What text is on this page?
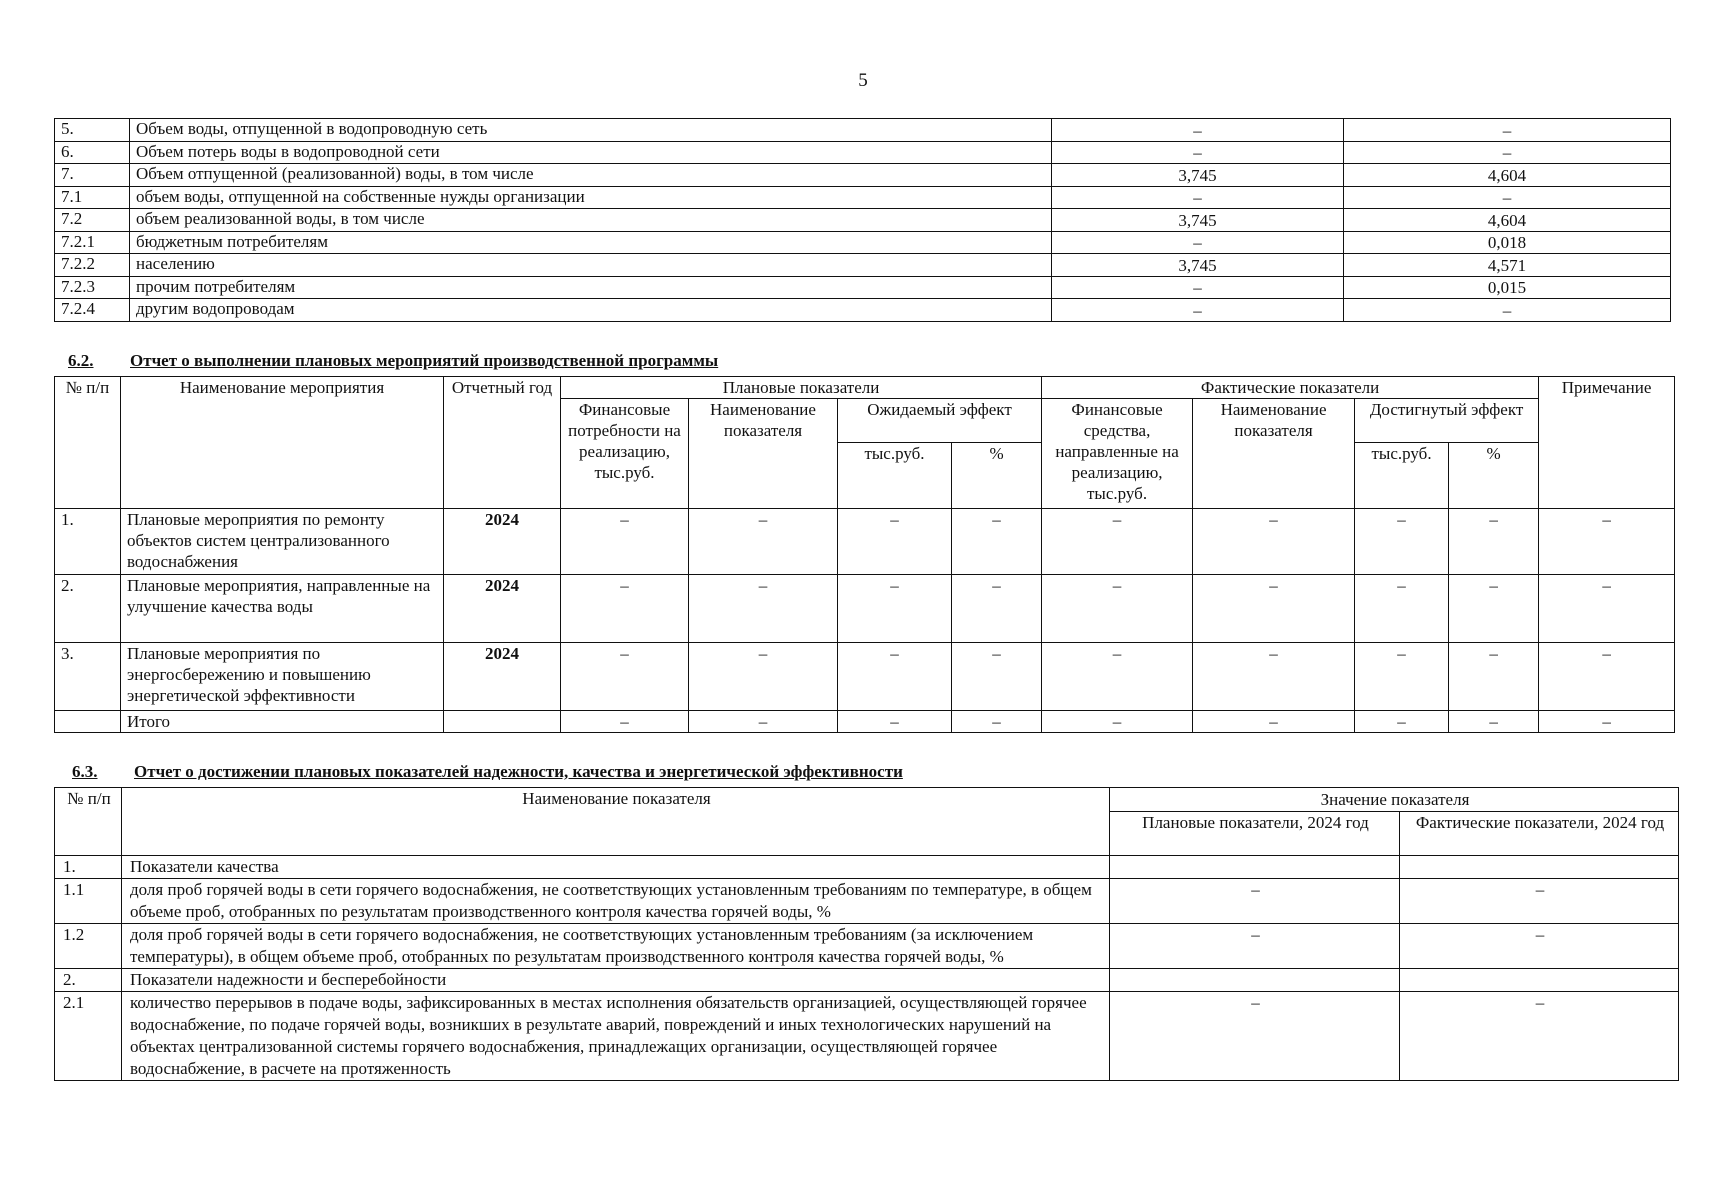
5
5.	Объем воды, отпущенной в водопроводную сеть	–	–
6.	Объем потерь воды в водопроводной сети	–	–
7.	Объем отпущенной (реализованной) воды, в том числе	3,745	4,604
7.1	объем воды, отпущенной на собственные нужды организации	–	–
7.2	объем реализованной воды, в том числе	3,745	4,604
7.2.1	бюджетным потребителям	–	0,018
7.2.2	населению	3,745	4,571
7.2.3	прочим потребителям	–	0,015
7.2.4	другим водопроводам	–	–
6.2. Отчет о выполнении плановых мероприятий производственной программы
№ п/п	Наименование мероприятия	Отчетный год	Плановые показатели				Фактические показатели				Примечание
			Финансовые потребности на реализацию, тыс.руб.	Наименование показателя	Ожидаемый эффект		Финансовые средства, направленные на реализацию, тыс.руб.	Наименование показателя	Достигнутый эффект		
					тыс.руб.	%			тыс.руб.	%	
1.	Плановые мероприятия по ремонту объектов систем централизованного водоснабжения	2024	–	–	–	–	–	–	–	–	–
2.	Плановые мероприятия, направленные на улучшение качества воды	2024	–	–	–	–	–	–	–	–	–
3.	Плановые мероприятия по энергосбережению и повышению энергетической эффективности	2024	–	–	–	–	–	–	–	–	–
	Итого		–	–	–	–	–	–	–	–	–
6.3. Отчет о достижении плановых показателей надежности, качества и энергетической эффективности
№ п/п	Наименование показателя	Значение показателя	
		Плановые показатели, 2024 год	Фактические показатели, 2024 год
1.	Показатели качества		
1.1	доля проб горячей воды в сети горячего водоснабжения, не соответствующих установленным требованиям по температуре, в общем объеме проб, отобранных по результатам производственного контроля качества горячей воды, %	–	–
1.2	доля проб горячей воды в сети горячего водоснабжения, не соответствующих установленным требованиям (за исключением температуры), в общем объеме проб, отобранных по результатам производственного контроля качества горячей воды, %	–	–
2.	Показатели надежности и бесперебойности		
2.1	количество перерывов в подаче воды, зафиксированных в местах исполнения обязательств организацией, осуществляющей горячее водоснабжение, по подаче горячей воды, возникших в результате аварий, повреждений и иных технологических нарушений на объектах централизованной системы горячего водоснабжения, принадлежащих организации, осуществляющей горячее водоснабжение, в расчете на протяженность	–	–
